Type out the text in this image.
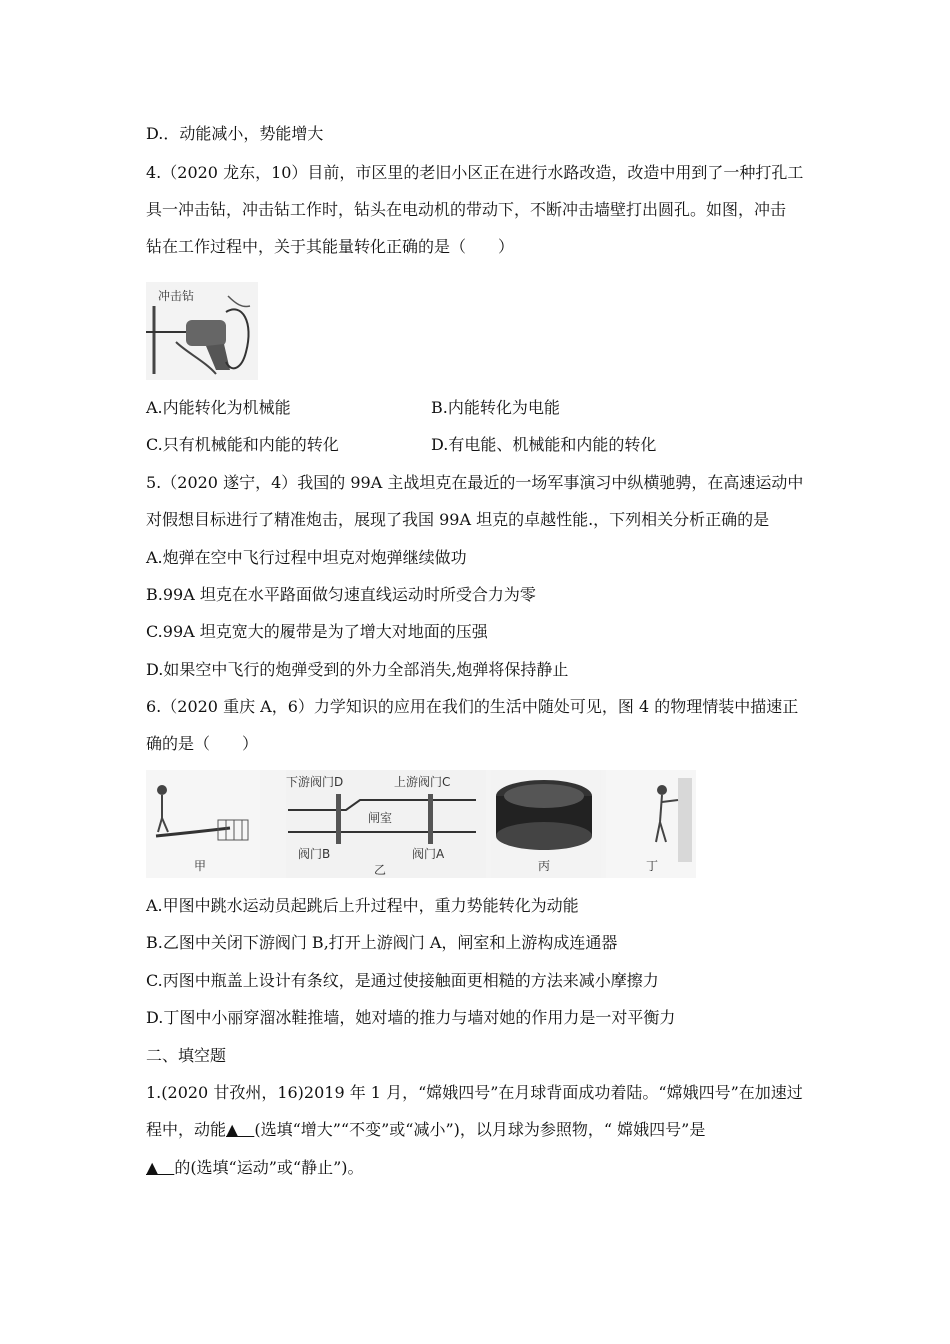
D.．动能减小，势能增大
4.（2020 龙东，10）目前，市区里的老旧小区正在进行水路改造，改造中用到了一种打孔工
具一冲击钻，冲击钻工作时，钻头在电动机的带动下，不断冲击墙壁打出圆孔。如图，冲击
钻在工作过程中，关于其能量转化正确的是（　　）
冲击钻
A.内能转化为机械能	B.内能转化为电能
C.只有机械能和内能的转化	D.有电能、机械能和内能的转化
5.（2020 遂宁，4）我国的 99A 主战坦克在最近的一场军事演习中纵横驰骋，在高速运动中
对假想目标进行了精准炮击，展现了我国 99A 坦克的卓越性能.，下列相关分析正确的是
A.炮弹在空中飞行过程中坦克对炮弹继续做功
B.99A 坦克在水平路面做匀速直线运动时所受合力为零
C.99A 坦克宽大的履带是为了增大对地面的压强
D.如果空中飞行的炮弹受到的外力全部消失,炮弹将保持静止
6.（2020 重庆 A，6）力学知识的应用在我们的生活中随处可见，图 4 的物理情装中描速正
确的是（　　）
甲
下游阀门D	上游阀门C
闸室
阀门B	阀门A
乙	丙	丁
A.甲图中跳水运动员起跳后上升过程中，重力势能转化为动能
B.乙图中关闭下游阀门 B,打开上游阀门 A，闸室和上游构成连通器
C.丙图中瓶盖上设计有条纹，是通过使接触面更相糙的方法来减小摩擦力
D.丁图中小丽穿溜冰鞋推墙，她对墙的推力与墙对她的作用力是一对平衡力
二、填空题
1.(2020 甘孜州，16)2019 年 1 月，“嫦娥四号”在月球背面成功着陆。“嫦娥四号”在加速过
程中，动能▲　(选填“增大”“不变”或“减小”)，以月球为参照物，“ 嫦娥四号”是
▲　的(选填“运动”或“静止”)。
